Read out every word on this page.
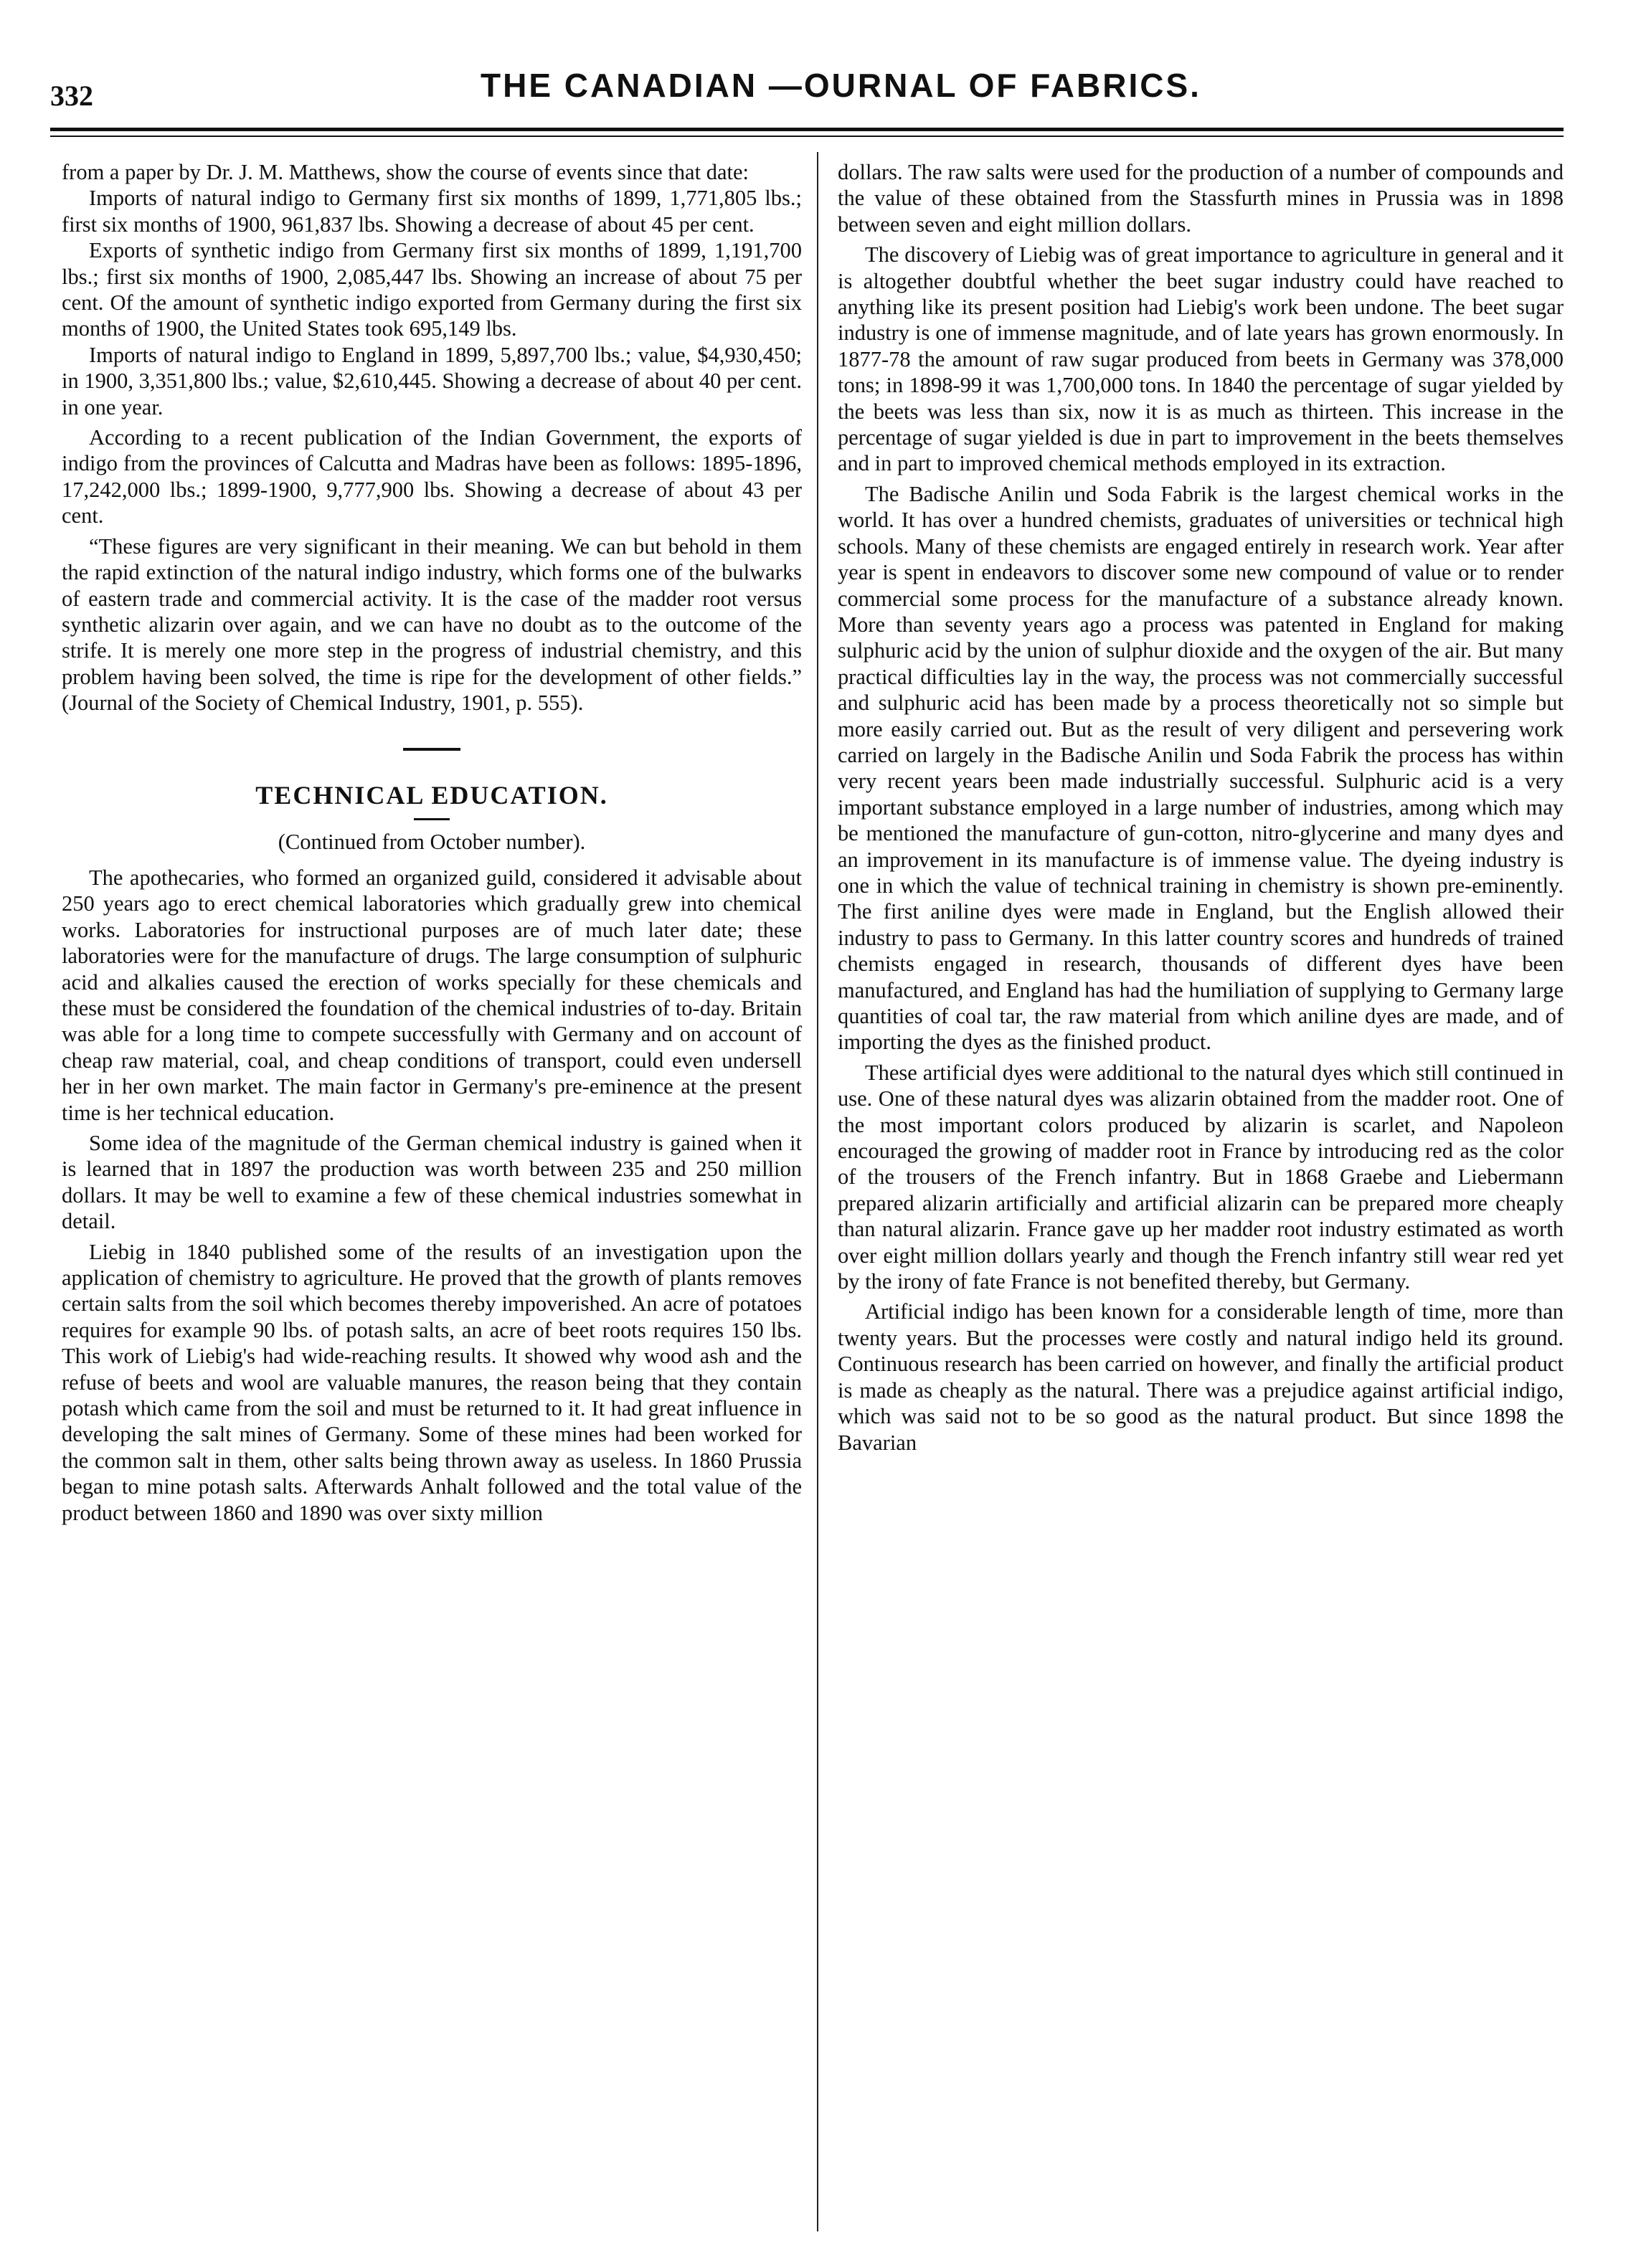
332	THE CANADIAN —OURNAL OF FABRICS.

from a paper by Dr. J. M. Matthews, show the course of events since that date:

Imports of natural indigo to Germany first six months of 1899, 1,771,805 lbs.; first six months of 1900, 961,837 lbs. Showing a decrease of about 45 per cent.

Exports of synthetic indigo from Germany first six months of 1899, 1,191,700 lbs.; first six months of 1900, 2,085,447 lbs. Showing an increase of about 75 per cent. Of the amount of synthetic indigo exported from Germany during the first six months of 1900, the United States took 695,149 lbs.

Imports of natural indigo to England in 1899, 5,897,700 lbs.; value, $4,930,450; in 1900, 3,351,800 lbs.; value, $2,610,445. Showing a decrease of about 40 per cent. in one year.

According to a recent publication of the Indian Government, the exports of indigo from the provinces of Calcutta and Madras have been as follows: 1895-1896, 17,242,000 lbs.; 1899-1900, 9,777,900 lbs. Showing a decrease of about 43 per cent.

“These figures are very significant in their meaning. We can but behold in them the rapid extinction of the natural indigo industry, which forms one of the bulwarks of eastern trade and commercial activity. It is the case of the madder root versus synthetic alizarin over again, and we can have no doubt as to the outcome of the strife. It is merely one more step in the progress of industrial chemistry, and this problem having been solved, the time is ripe for the development of other fields.” (Journal of the Society of Chemical Industry, 1901, p. 555).

TECHNICAL EDUCATION.

(Continued from October number).

The apothecaries, who formed an organized guild, considered it advisable about 250 years ago to erect chemical laboratories which gradually grew into chemical works. Laboratories for instructional purposes are of much later date; these laboratories were for the manufacture of drugs. The large consumption of sulphuric acid and alkalies caused the erection of works specially for these chemicals and these must be considered the foundation of the chemical industries of to-day. Britain was able for a long time to compete successfully with Germany and on account of cheap raw material, coal, and cheap conditions of transport, could even undersell her in her own market. The main factor in Germany's pre-eminence at the present time is her technical education.

Some idea of the magnitude of the German chemical industry is gained when it is learned that in 1897 the production was worth between 235 and 250 million dollars. It may be well to examine a few of these chemical industries somewhat in detail.

Liebig in 1840 published some of the results of an investigation upon the application of chemistry to agriculture. He proved that the growth of plants removes certain salts from the soil which becomes thereby impoverished. An acre of potatoes requires for example 90 lbs. of potash salts, an acre of beet roots requires 150 lbs. This work of Liebig's had wide-reaching results. It showed why wood ash and the refuse of beets and wool are valuable manures, the reason being that they contain potash which came from the soil and must be returned to it. It had great influence in developing the salt mines of Germany. Some of these mines had been worked for the common salt in them, other salts being thrown away as useless. In 1860 Prussia began to mine potash salts. Afterwards Anhalt followed and the total value of the product between 1860 and 1890 was over sixty million

dollars. The raw salts were used for the production of a number of compounds and the value of these obtained from the Stassfurth mines in Prussia was in 1898 between seven and eight million dollars.

The discovery of Liebig was of great importance to agriculture in general and it is altogether doubtful whether the beet sugar industry could have reached to anything like its present position had Liebig's work been undone. The beet sugar industry is one of immense magnitude, and of late years has grown enormously. In 1877-78 the amount of raw sugar produced from beets in Germany was 378,000 tons; in 1898-99 it was 1,700,000 tons. In 1840 the percentage of sugar yielded by the beets was less than six, now it is as much as thirteen. This increase in the percentage of sugar yielded is due in part to improvement in the beets themselves and in part to improved chemical methods employed in its extraction.

The Badische Anilin und Soda Fabrik is the largest chemical works in the world. It has over a hundred chemists, graduates of universities or technical high schools. Many of these chemists are engaged entirely in research work. Year after year is spent in endeavors to discover some new compound of value or to render commercial some process for the manufacture of a substance already known. More than seventy years ago a process was patented in England for making sulphuric acid by the union of sulphur dioxide and the oxygen of the air. But many practical difficulties lay in the way, the process was not commercially successful and sulphuric acid has been made by a process theoretically not so simple but more easily carried out. But as the result of very diligent and persevering work carried on largely in the Badische Anilin und Soda Fabrik the process has within very recent years been made industrially successful. Sulphuric acid is a very important substance employed in a large number of industries, among which may be mentioned the manufacture of gun-cotton, nitro-glycerine and many dyes and an improvement in its manufacture is of immense value. The dyeing industry is one in which the value of technical training in chemistry is shown pre-eminently. The first aniline dyes were made in England, but the English allowed their industry to pass to Germany. In this latter country scores and hundreds of trained chemists engaged in research, thousands of different dyes have been manufactured, and England has had the humiliation of supplying to Germany large quantities of coal tar, the raw material from which aniline dyes are made, and of importing the dyes as the finished product.

These artificial dyes were additional to the natural dyes which still continued in use. One of these natural dyes was alizarin obtained from the madder root. One of the most important colors produced by alizarin is scarlet, and Napoleon encouraged the growing of madder root in France by introducing red as the color of the trousers of the French infantry. But in 1868 Graebe and Liebermann prepared alizarin artificially and artificial alizarin can be prepared more cheaply than natural alizarin. France gave up her madder root industry estimated as worth over eight million dollars yearly and though the French infantry still wear red yet by the irony of fate France is not benefited thereby, but Germany.

Artificial indigo has been known for a considerable length of time, more than twenty years. But the processes were costly and natural indigo held its ground. Continuous research has been carried on however, and finally the artificial product is made as cheaply as the natural. There was a prejudice against artificial indigo, which was said not to be so good as the natural product. But since 1898 the Bavarian
